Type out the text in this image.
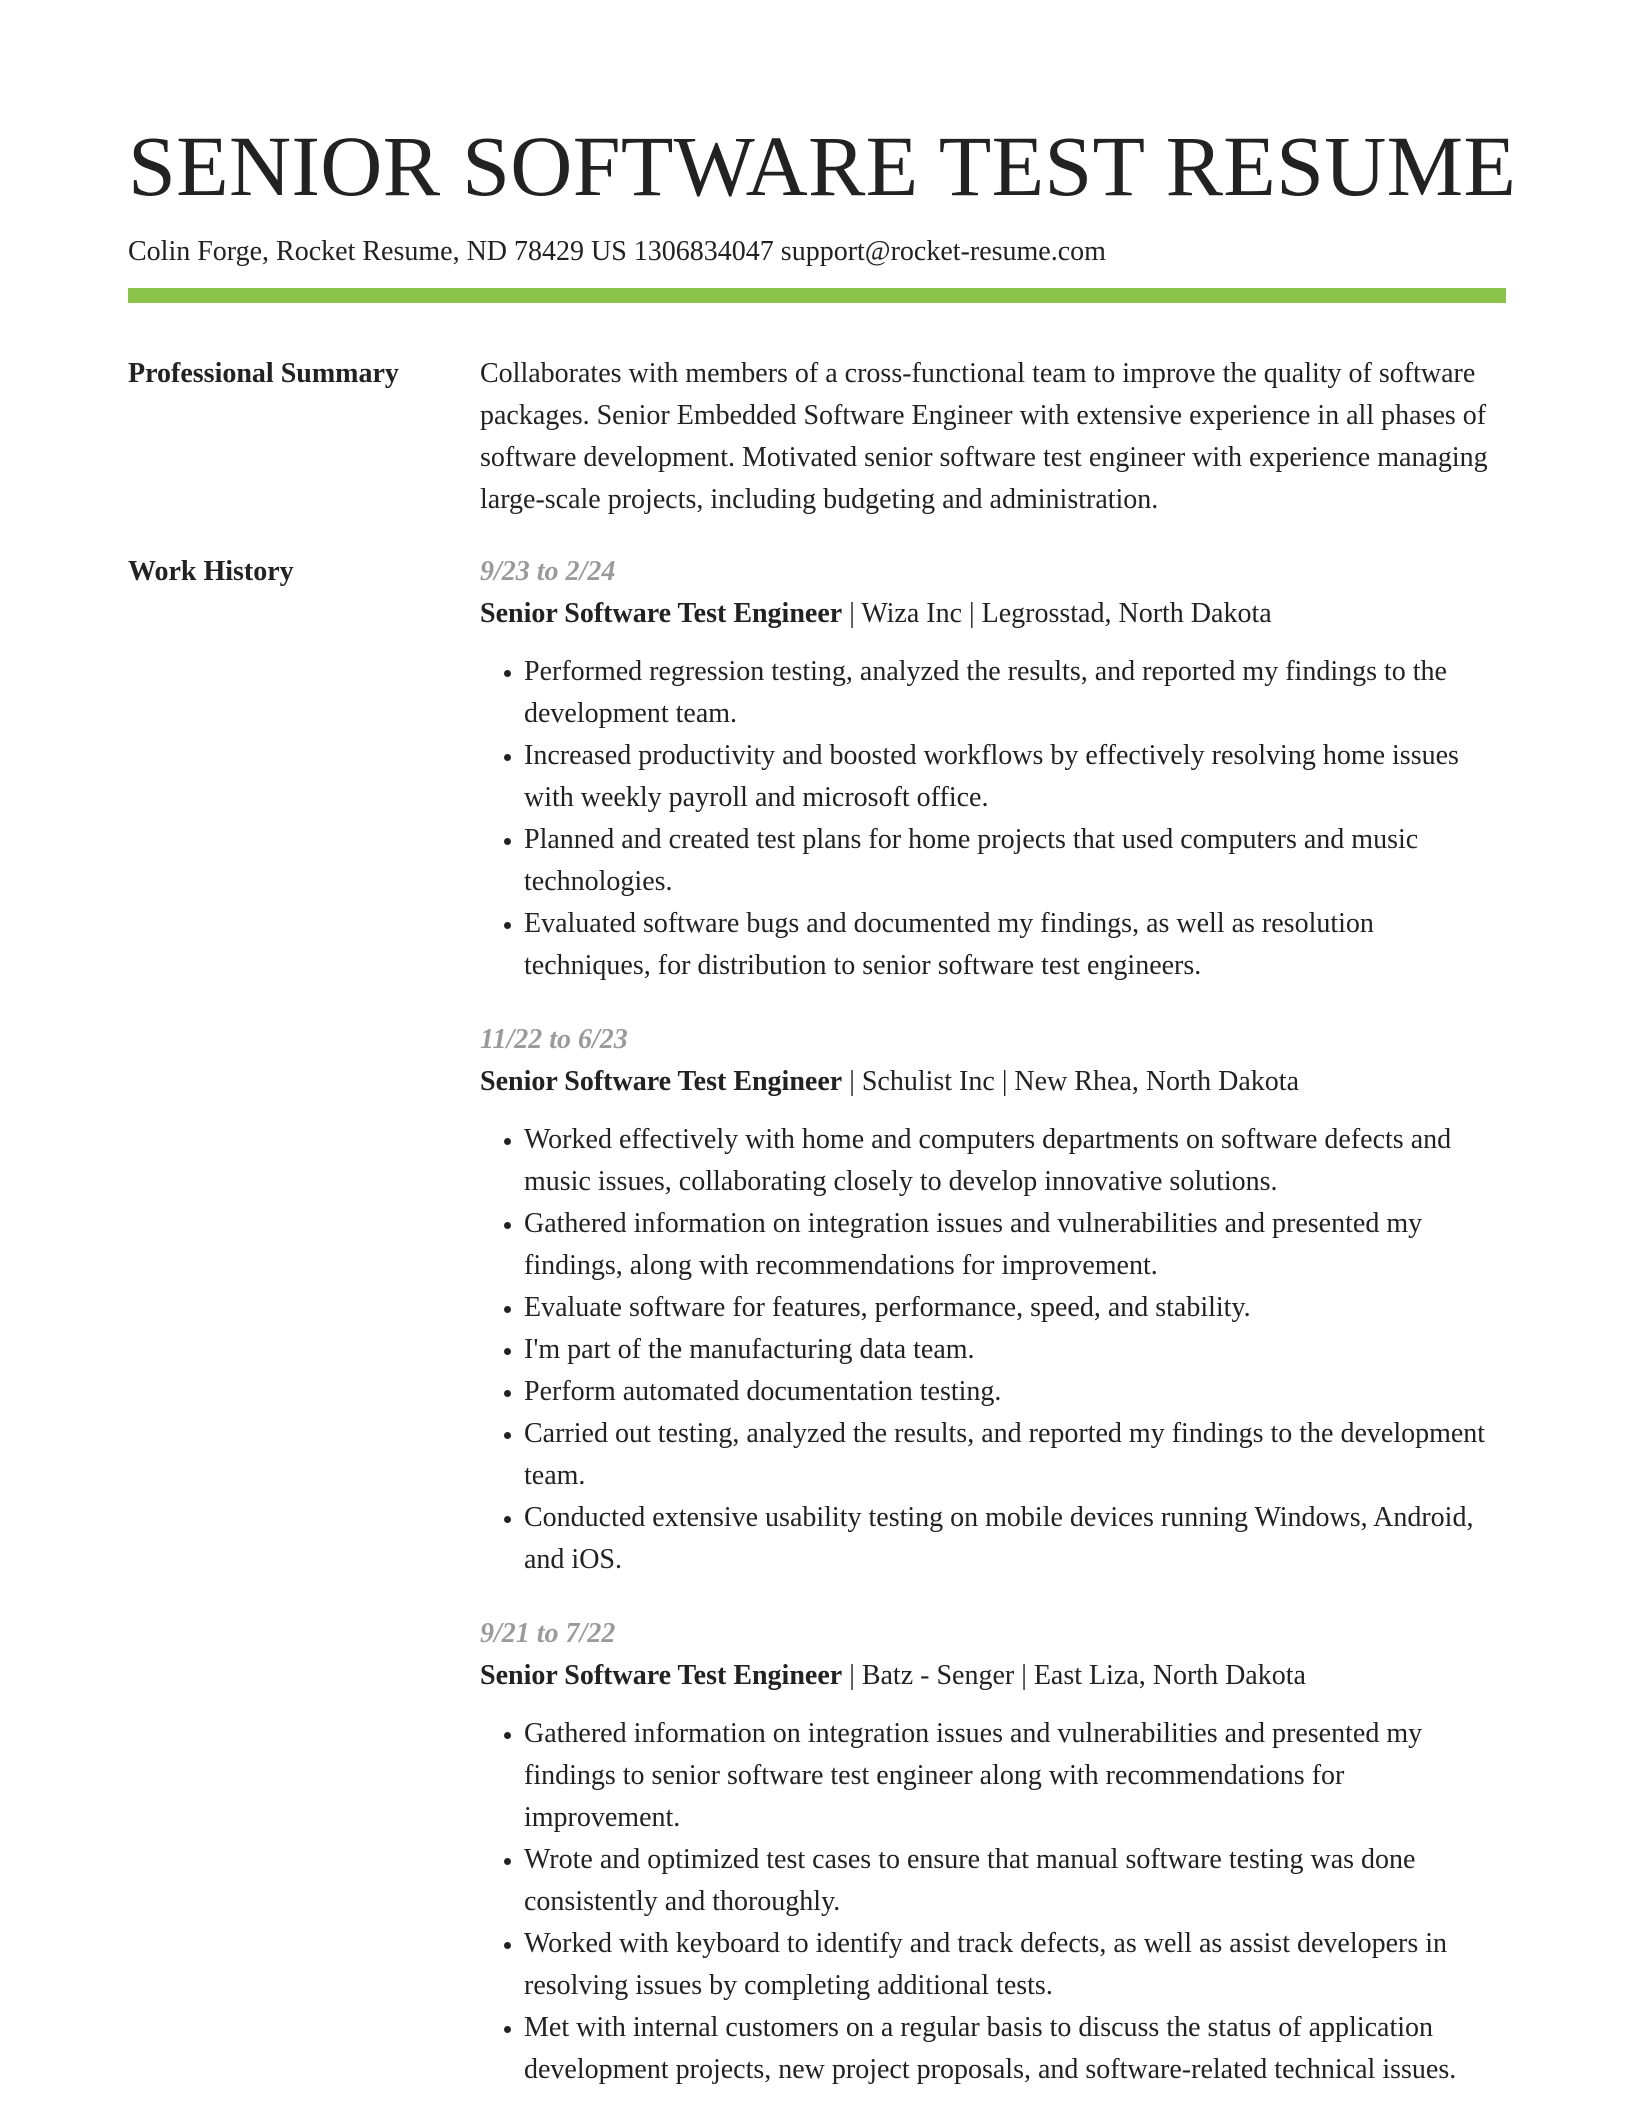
SENIOR SOFTWARE TEST RESUME
Colin Forge, Rocket Resume, ND 78429 US 1306834047 support@rocket-resume.com
Professional Summary	Collaborates with members of a cross-functional team to improve the quality of software packages. Senior Embedded Software Engineer with extensive experience in all phases of software development. Motivated senior software test engineer with experience managing large-scale projects, including budgeting and administration.

Work History	9/23 to 2/24
Senior Software Test Engineer | Wiza Inc | Legrosstad, North Dakota
• Performed regression testing, analyzed the results, and reported my findings to the development team.
• Increased productivity and boosted workflows by effectively resolving home issues with weekly payroll and microsoft office.
• Planned and created test plans for home projects that used computers and music technologies.
• Evaluated software bugs and documented my findings, as well as resolution techniques, for distribution to senior software test engineers.
11/22 to 6/23
Senior Software Test Engineer | Schulist Inc | New Rhea, North Dakota
• Worked effectively with home and computers departments on software defects and music issues, collaborating closely to develop innovative solutions.
• Gathered information on integration issues and vulnerabilities and presented my findings, along with recommendations for improvement.
• Evaluate software for features, performance, speed, and stability.
• I'm part of the manufacturing data team.
• Perform automated documentation testing.
• Carried out testing, analyzed the results, and reported my findings to the development team.
• Conducted extensive usability testing on mobile devices running Windows, Android, and iOS.
9/21 to 7/22
Senior Software Test Engineer | Batz - Senger | East Liza, North Dakota
• Gathered information on integration issues and vulnerabilities and presented my findings to senior software test engineer along with recommendations for improvement.
• Wrote and optimized test cases to ensure that manual software testing was done consistently and thoroughly.
• Worked with keyboard to identify and track defects, as well as assist developers in resolving issues by completing additional tests.
• Met with internal customers on a regular basis to discuss the status of application development projects, new project proposals, and software-related technical issues.
